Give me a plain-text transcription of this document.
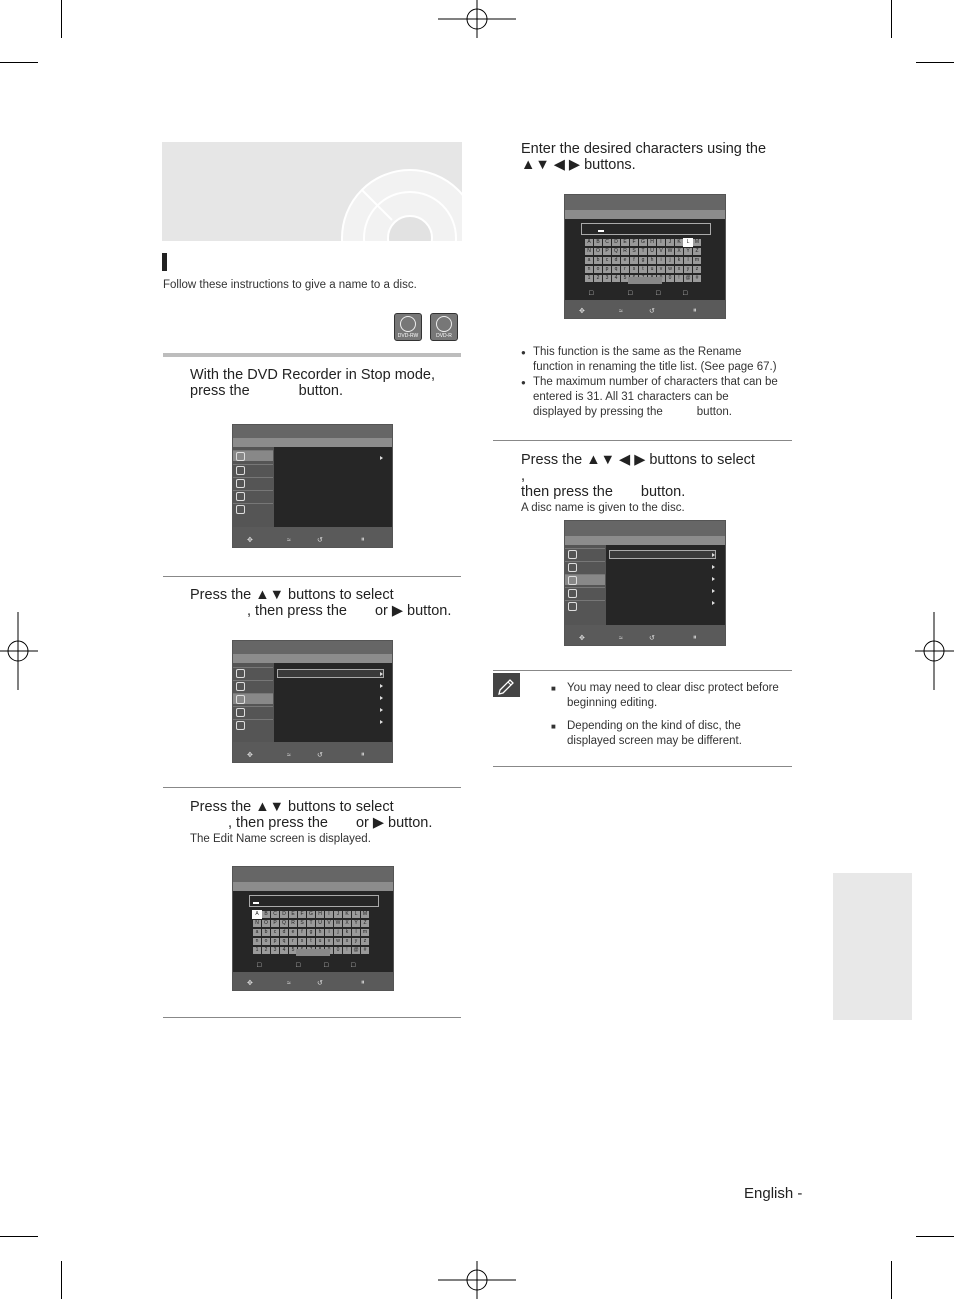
Follow these instructions to give a name to a disc.
DVD-RW	DVD-R
With the DVD Recorder in Stop mode,
press the	button.
✥	≈	↺	⏸
Press the ▲▼ buttons to select
, then press the or ▶ button.
✥	≈	↺	⏸
Press the ▲▼ buttons to select
, then press the or ▶ button.
The Edit Name screen is displayed.
A	B	C	D	E	F	G	H	I	J	K	L	M
N	O	P	Q	R	S	T	U	V W X	Y	Z
a	b	c	d	e	f	g	h	i	j	k	l	m
n	o	p	q	r	s	t	u	v	w	x	y	z
1	2	3	4	5	0	!	@	#
□	□	□	□
✥	≈	↺	⏸
Enter the desired characters using the
▲▼ ◀ ▶ buttons.
A	B	C	D	E	F	G	H	I	J	K	L	M
N	O	P	Q	R	S	T	U	V W X	Y	Z
a	b	c	d	e	f	g	h	i	j	k	l	m
n	o	p	q	r	s	t	u	v	w	x	y	z
1	2	3	4	5	0	!	@	#
□	□	□	□
✥	≈	↺	⏸
● This function is the same as the Rename
function in renaming the title list. (See page 67.)
● The maximum number of characters that can be
entered is 31. All 31 characters can be
displayed by pressing the	button.
Press the ▲▼ ◀ ▶ buttons to select,
then press the button.
A disc name is given to the disc.
✥	≈	↺	⏸
■ You may need to clear disc protect before
beginning editing.
■ Depending on the kind of disc, the
displayed screen may be different.
English -
